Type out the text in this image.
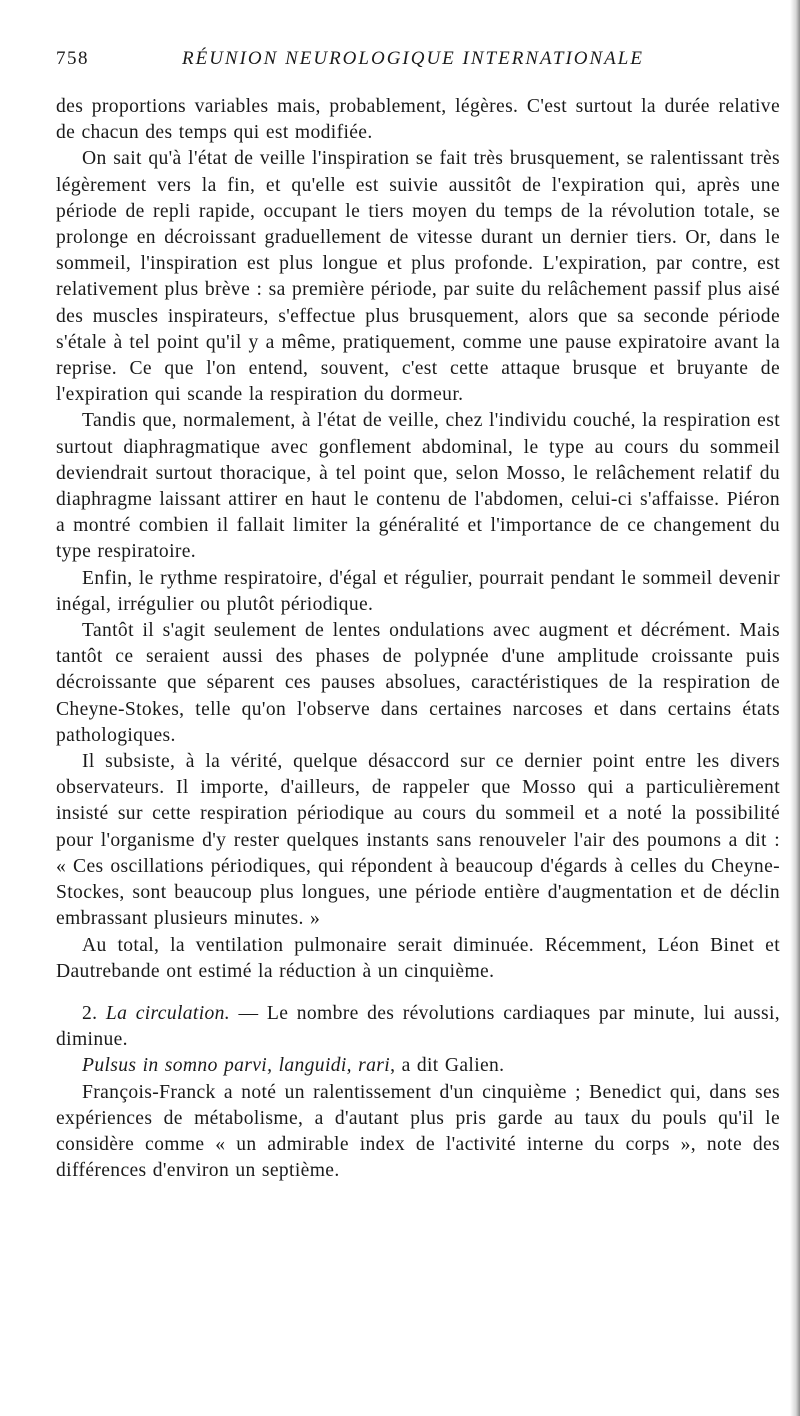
758	RÉUNION NEUROLOGIQUE INTERNATIONALE

des proportions variables mais, probablement, légères. C'est surtout la durée relative de chacun des temps qui est modifiée.

On sait qu'à l'état de veille l'inspiration se fait très brusquement, se ralentissant très légèrement vers la fin, et qu'elle est suivie aussitôt de l'expiration qui, après une période de repli rapide, occupant le tiers moyen du temps de la révolution totale, se prolonge en décroissant graduellement de vitesse durant un dernier tiers. Or, dans le sommeil, l'inspiration est plus longue et plus profonde. L'expiration, par contre, est relativement plus brève : sa première période, par suite du relâchement passif plus aisé des muscles inspirateurs, s'effectue plus brusquement, alors que sa seconde période s'étale à tel point qu'il y a même, pratiquement, comme une pause expiratoire avant la reprise. Ce que l'on entend, souvent, c'est cette attaque brusque et bruyante de l'expiration qui scande la respiration du dormeur.

Tandis que, normalement, à l'état de veille, chez l'individu couché, la respiration est surtout diaphragmatique avec gonflement abdominal, le type au cours du sommeil deviendrait surtout thoracique, à tel point que, selon Mosso, le relâchement relatif du diaphragme laissant attirer en haut le contenu de l'abdomen, celui-ci s'affaisse. Piéron a montré combien il fallait limiter la généralité et l'importance de ce changement du type respiratoire.

Enfin, le rythme respiratoire, d'égal et régulier, pourrait pendant le sommeil devenir inégal, irrégulier ou plutôt périodique.

Tantôt il s'agit seulement de lentes ondulations avec augment et décrément. Mais tantôt ce seraient aussi des phases de polypnée d'une amplitude croissante puis décroissante que séparent ces pauses absolues, caractéristiques de la respiration de Cheyne-Stokes, telle qu'on l'observe dans certaines narcoses et dans certains états pathologiques.

Il subsiste, à la vérité, quelque désaccord sur ce dernier point entre les divers observateurs. Il importe, d'ailleurs, de rappeler que Mosso qui a particulièrement insisté sur cette respiration périodique au cours du sommeil et a noté la possibilité pour l'organisme d'y rester quelques instants sans renouveler l'air des poumons a dit : « Ces oscillations périodiques, qui répondent à beaucoup d'égards à celles du Cheyne-Stockes, sont beaucoup plus longues, une période entière d'augmentation et de déclin embrassant plusieurs minutes. »

Au total, la ventilation pulmonaire serait diminuée. Récemment, Léon Binet et Dautrebande ont estimé la réduction à un cinquième.

2. La circulation. — Le nombre des révolutions cardiaques par minute, lui aussi, diminue.

Pulsus in somno parvi, languidi, rari, a dit Galien.

François-Franck a noté un ralentissement d'un cinquième ; Benedict qui, dans ses expériences de métabolisme, a d'autant plus pris garde au taux du pouls qu'il le considère comme « un admirable index de l'activité interne du corps », note des différences d'environ un septième.
